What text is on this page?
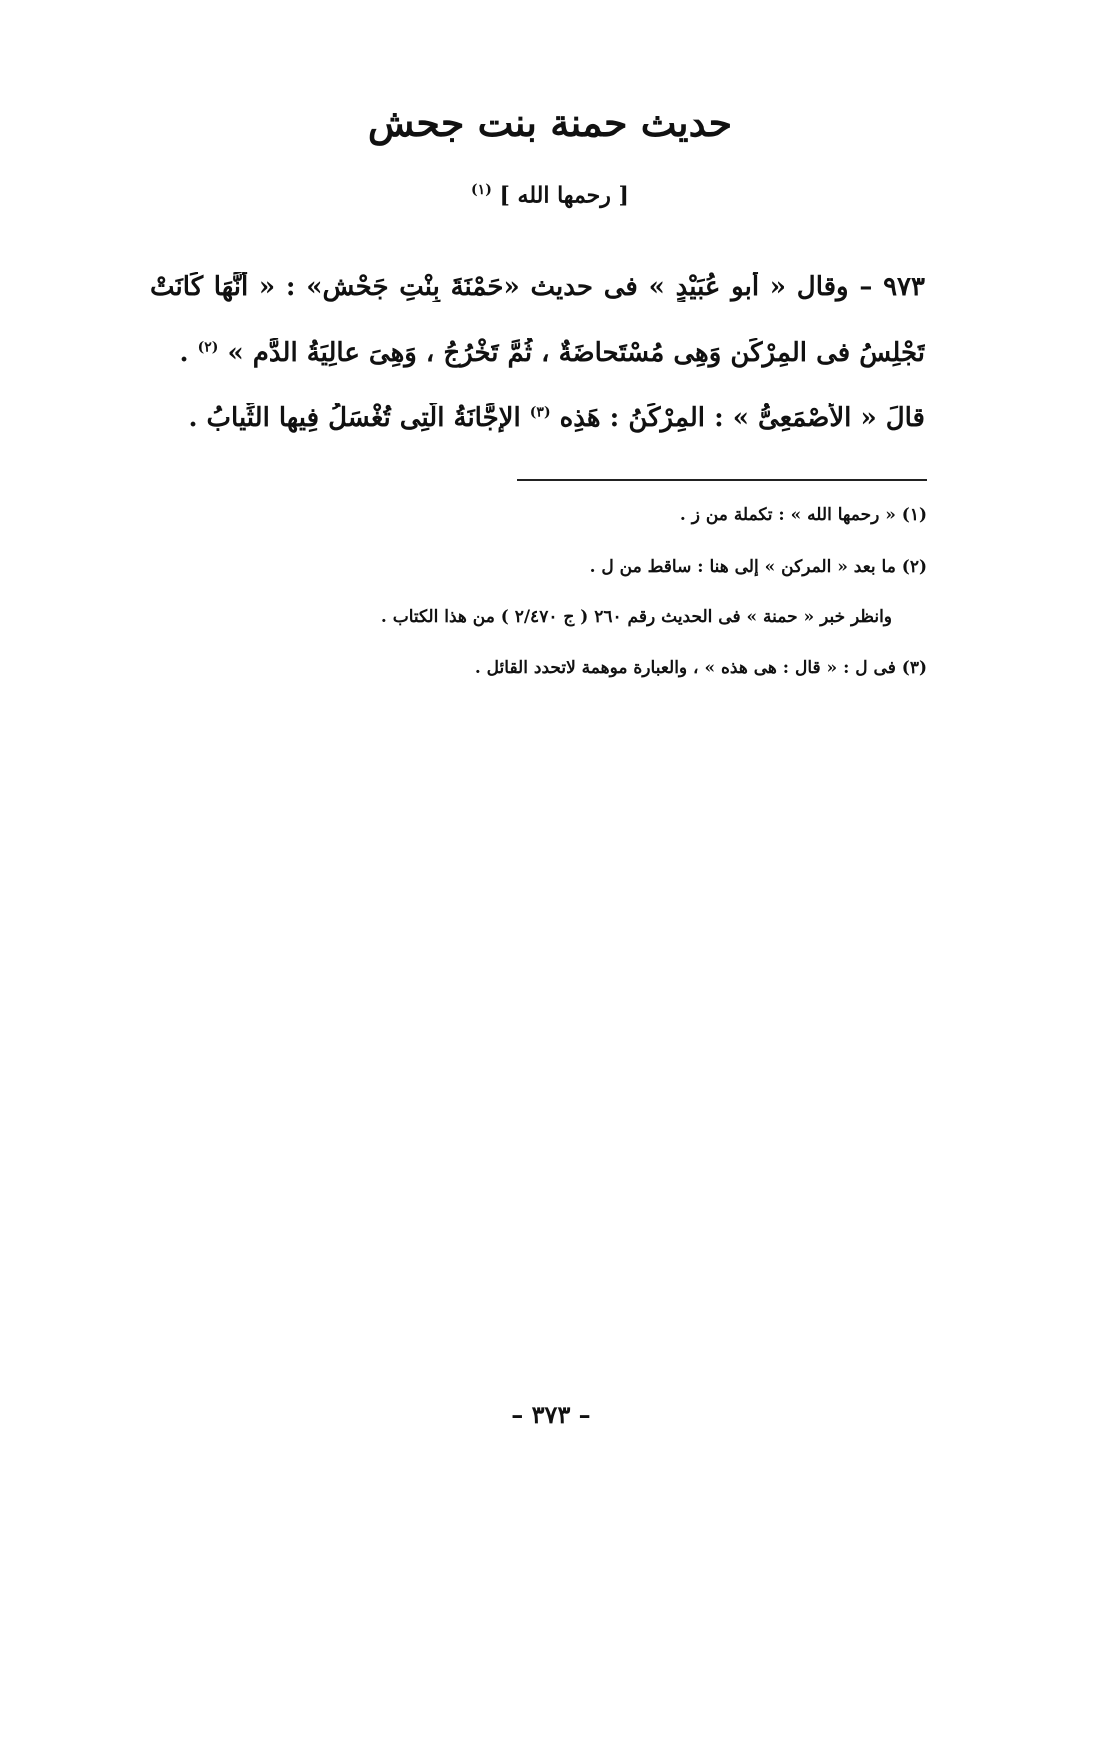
حديث حمنة بنت جحش
[ رحمها الله ] $^{(١)}$
٩٧٣ – وقال « أبو عُبَيْدٍ » فى حديث «حَمْنَةَ بِنْتِ جَحْشٍ» : « أَنَّهَا كَانَتْ
تَجْلِسُ فى المِرْكَنِ وَهِى مُسْتَحاضَةٌ ، ثُمَّ تَخْرُجُ ، وَهِىَ عالِيَةُ الدَّمِ » $^{(٢)}$ .
قالَ « الأَصْمَعِىُّ » : المِرْكَنُ : هَذِه $^{(٣)}$ الإِجَّانَةُ الَّتِى تُغْسَلُ فِيها الثِّيابُ .
(١) « رحمها الله » : تكملة من ز .
(٢) ما بعد « المركن » إلى هنا : ساقط من ل .
وانظر خبر « حمنة » فى الحديث رقم ٢٦٠ ( ج ٢/٤٧٠ ) من هذا الكتاب .
(٣) فى ل : « قال : هى هذه » ، والعبارة موهمة لاتحدد القائل .
– ٣٧٣ –
